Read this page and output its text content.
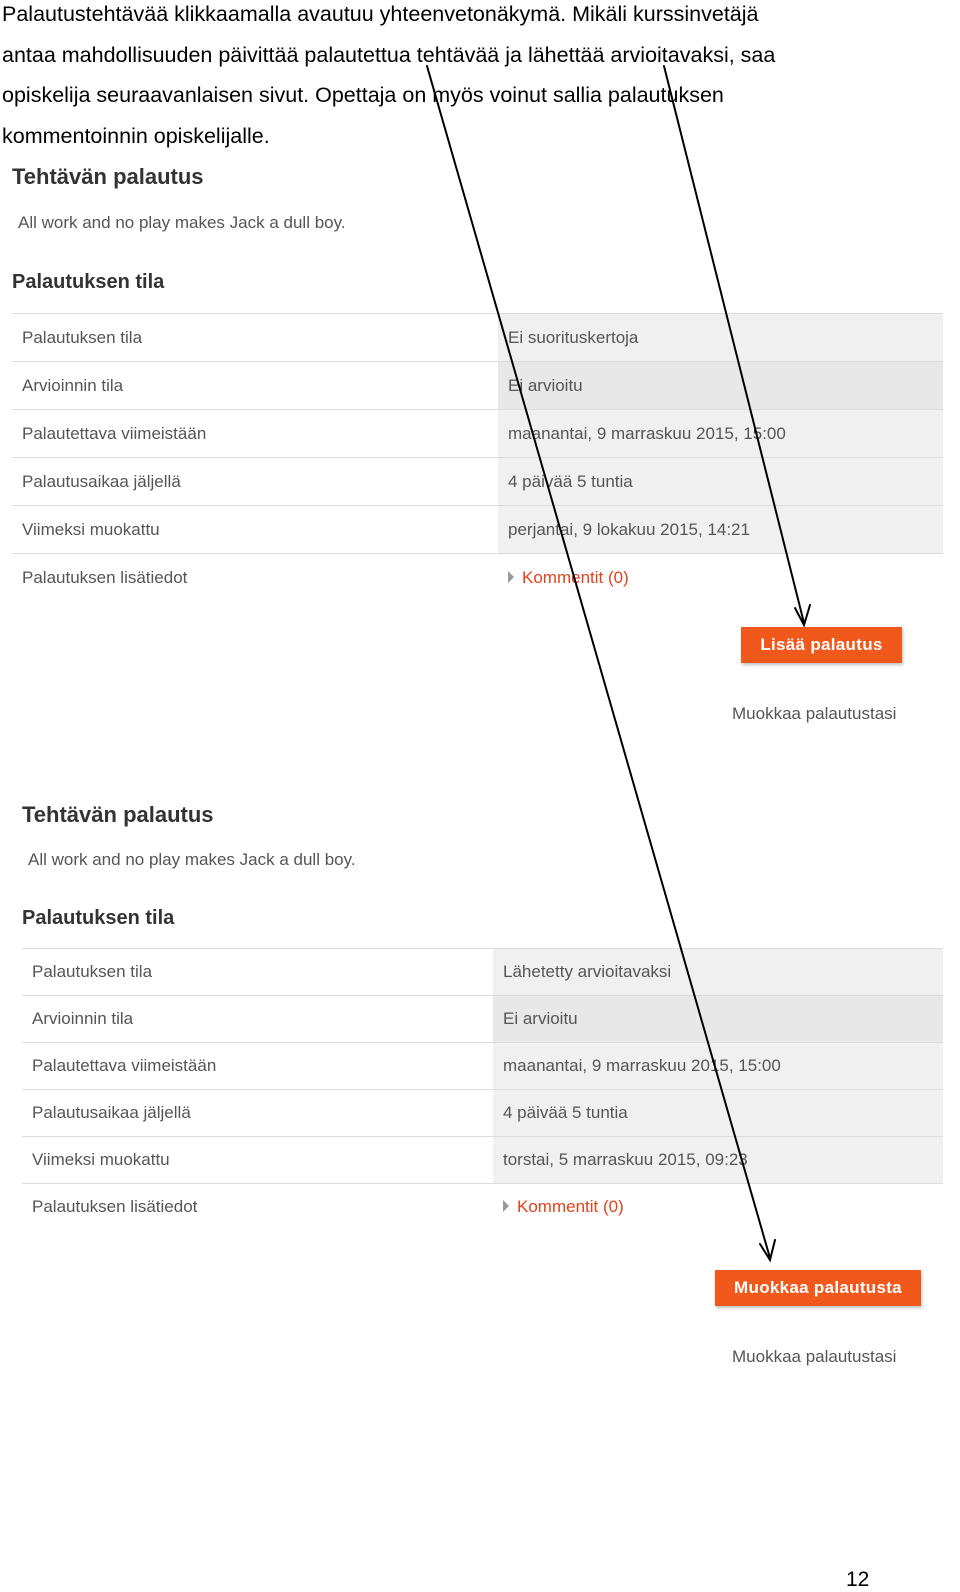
Palautustehtävää klikkaamalla avautuu yhteenvetonäkymä. Mikäli kurssinvetäjä

antaa mahdollisuuden päivittää palautettua tehtävää ja lähettää arvioitavaksi, saa

opiskelija seuraavanlaisen sivut. Opettaja on myös voinut sallia palautuksen

kommentoinnin opiskelijalle.

Tehtävän palautus
All work and no play makes Jack a dull boy.
Palautuksen tila
Palautuksen tila	Ei suorituskertoja
Arvioinnin tila	Ei arvioitu
Palautettava viimeistään	maanantai, 9 marraskuu 2015, 15:00
Palautusaikaa jäljellä	4 päivää 5 tuntia
Viimeksi muokattu	perjantai, 9 lokakuu 2015, 14:21
Palautuksen lisätiedot	Kommentit (0)
Lisää palautus
Muokkaa palautustasi
Tehtävän palautus
All work and no play makes Jack a dull boy.
Palautuksen tila
Palautuksen tila	Lähetetty arvioitavaksi
Arvioinnin tila	Ei arvioitu
Palautettava viimeistään	maanantai, 9 marraskuu 2015, 15:00
Palautusaikaa jäljellä	4 päivää 5 tuntia
Viimeksi muokattu	torstai, 5 marraskuu 2015, 09:23
Palautuksen lisätiedot	Kommentit (0)
Muokkaa palautusta
Muokkaa palautustasi
12
